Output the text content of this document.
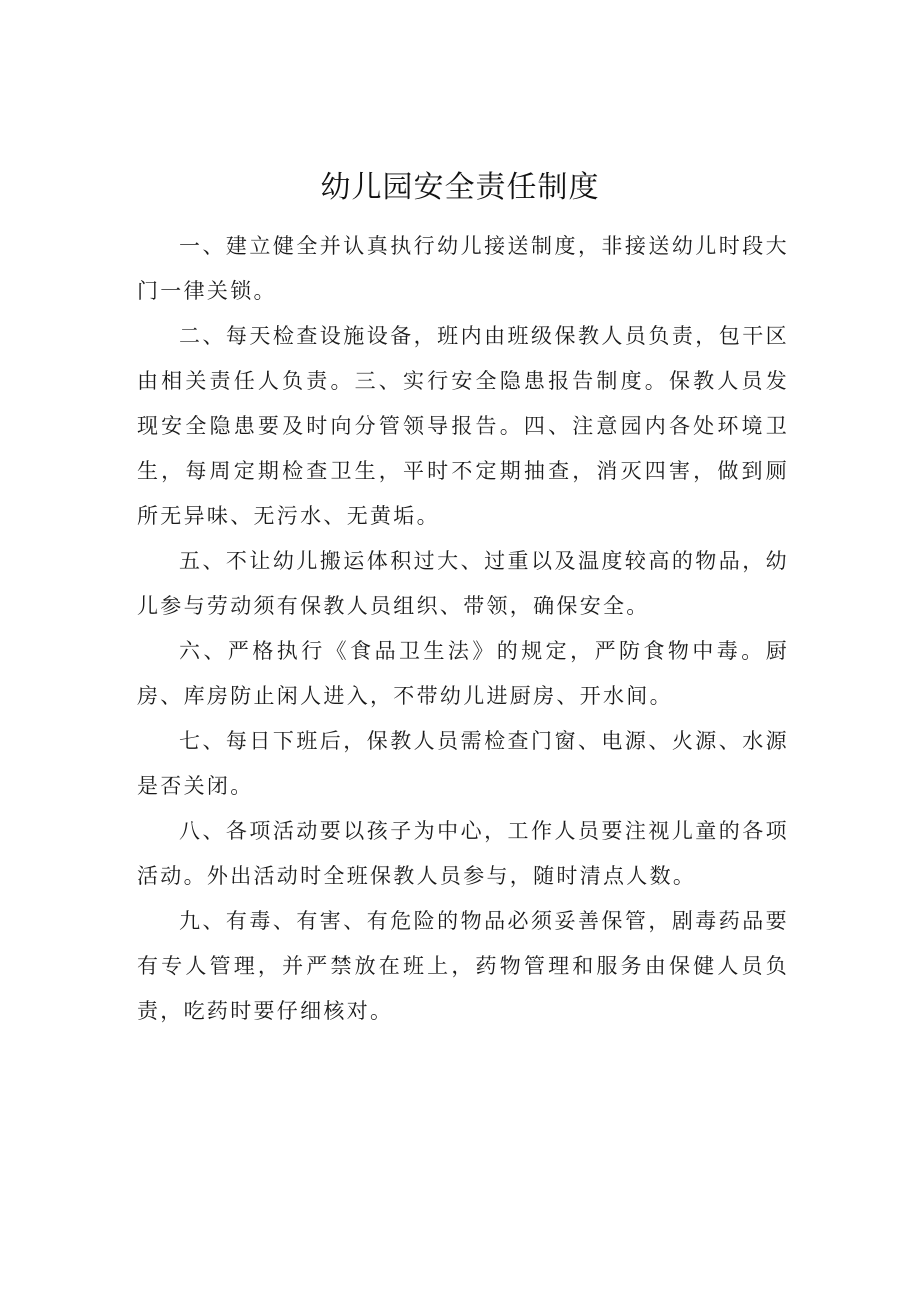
幼儿园安全责任制度

一、建立健全并认真执行幼儿接送制度，非接送幼儿时段大门一律关锁。

二、每天检查设施设备，班内由班级保教人员负责，包干区由相关责任人负责。三、实行安全隐患报告制度。保教人员发现安全隐患要及时向分管领导报告。四、注意园内各处环境卫生，每周定期检查卫生，平时不定期抽查，消灭四害，做到厕所无异味、无污水、无黄垢。

五、不让幼儿搬运体积过大、过重以及温度较高的物品，幼儿参与劳动须有保教人员组织、带领，确保安全。

六、严格执行《食品卫生法》的规定，严防食物中毒。厨房、库房防止闲人进入，不带幼儿进厨房、开水间。

七、每日下班后，保教人员需检查门窗、电源、火源、水源是否关闭。

八、各项活动要以孩子为中心，工作人员要注视儿童的各项活动。外出活动时全班保教人员参与，随时清点人数。

九、有毒、有害、有危险的物品必须妥善保管，剧毒药品要有专人管理，并严禁放在班上，药物管理和服务由保健人员负责，吃药时要仔细核对。
